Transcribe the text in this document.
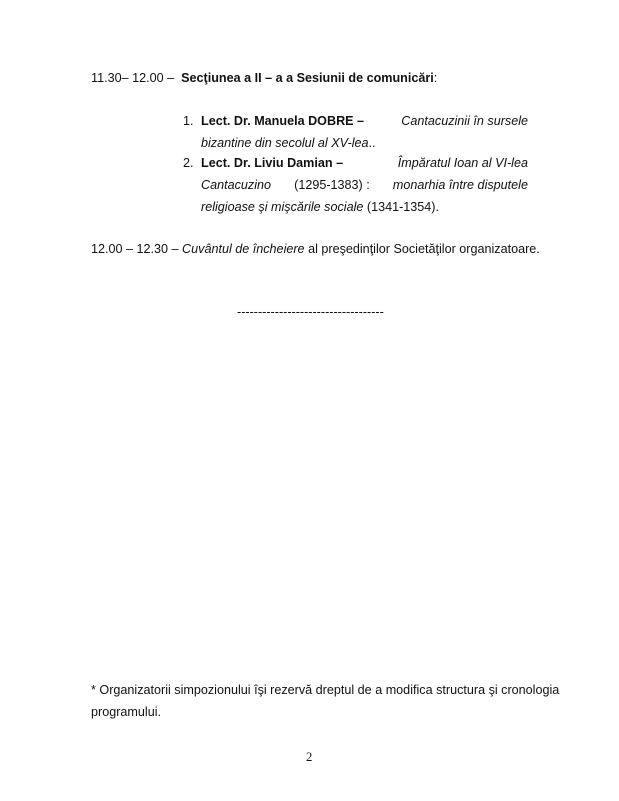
11.30– 12.00 – Secţiunea a II – a a Sesiunii de comunicări:
1. Lect. Dr. Manuela DOBRE –	Cantacuzinii în sursele
bizantine din secolul al XV-lea..
2. Lect. Dr. Liviu Damian –	Împăratul Ioan al VI-lea
Cantacuzino (1295-1383) : monarhia între disputele
religioase şi mişcările sociale (1341-1354).
12.00 – 12.30 – Cuvântul de încheiere al preşedinţilor Societăţilor organizatoare.
-----------------------------------
* Organizatorii simpozionului îşi rezervă dreptul de a modifica structura şi cronologia
programului.
2
